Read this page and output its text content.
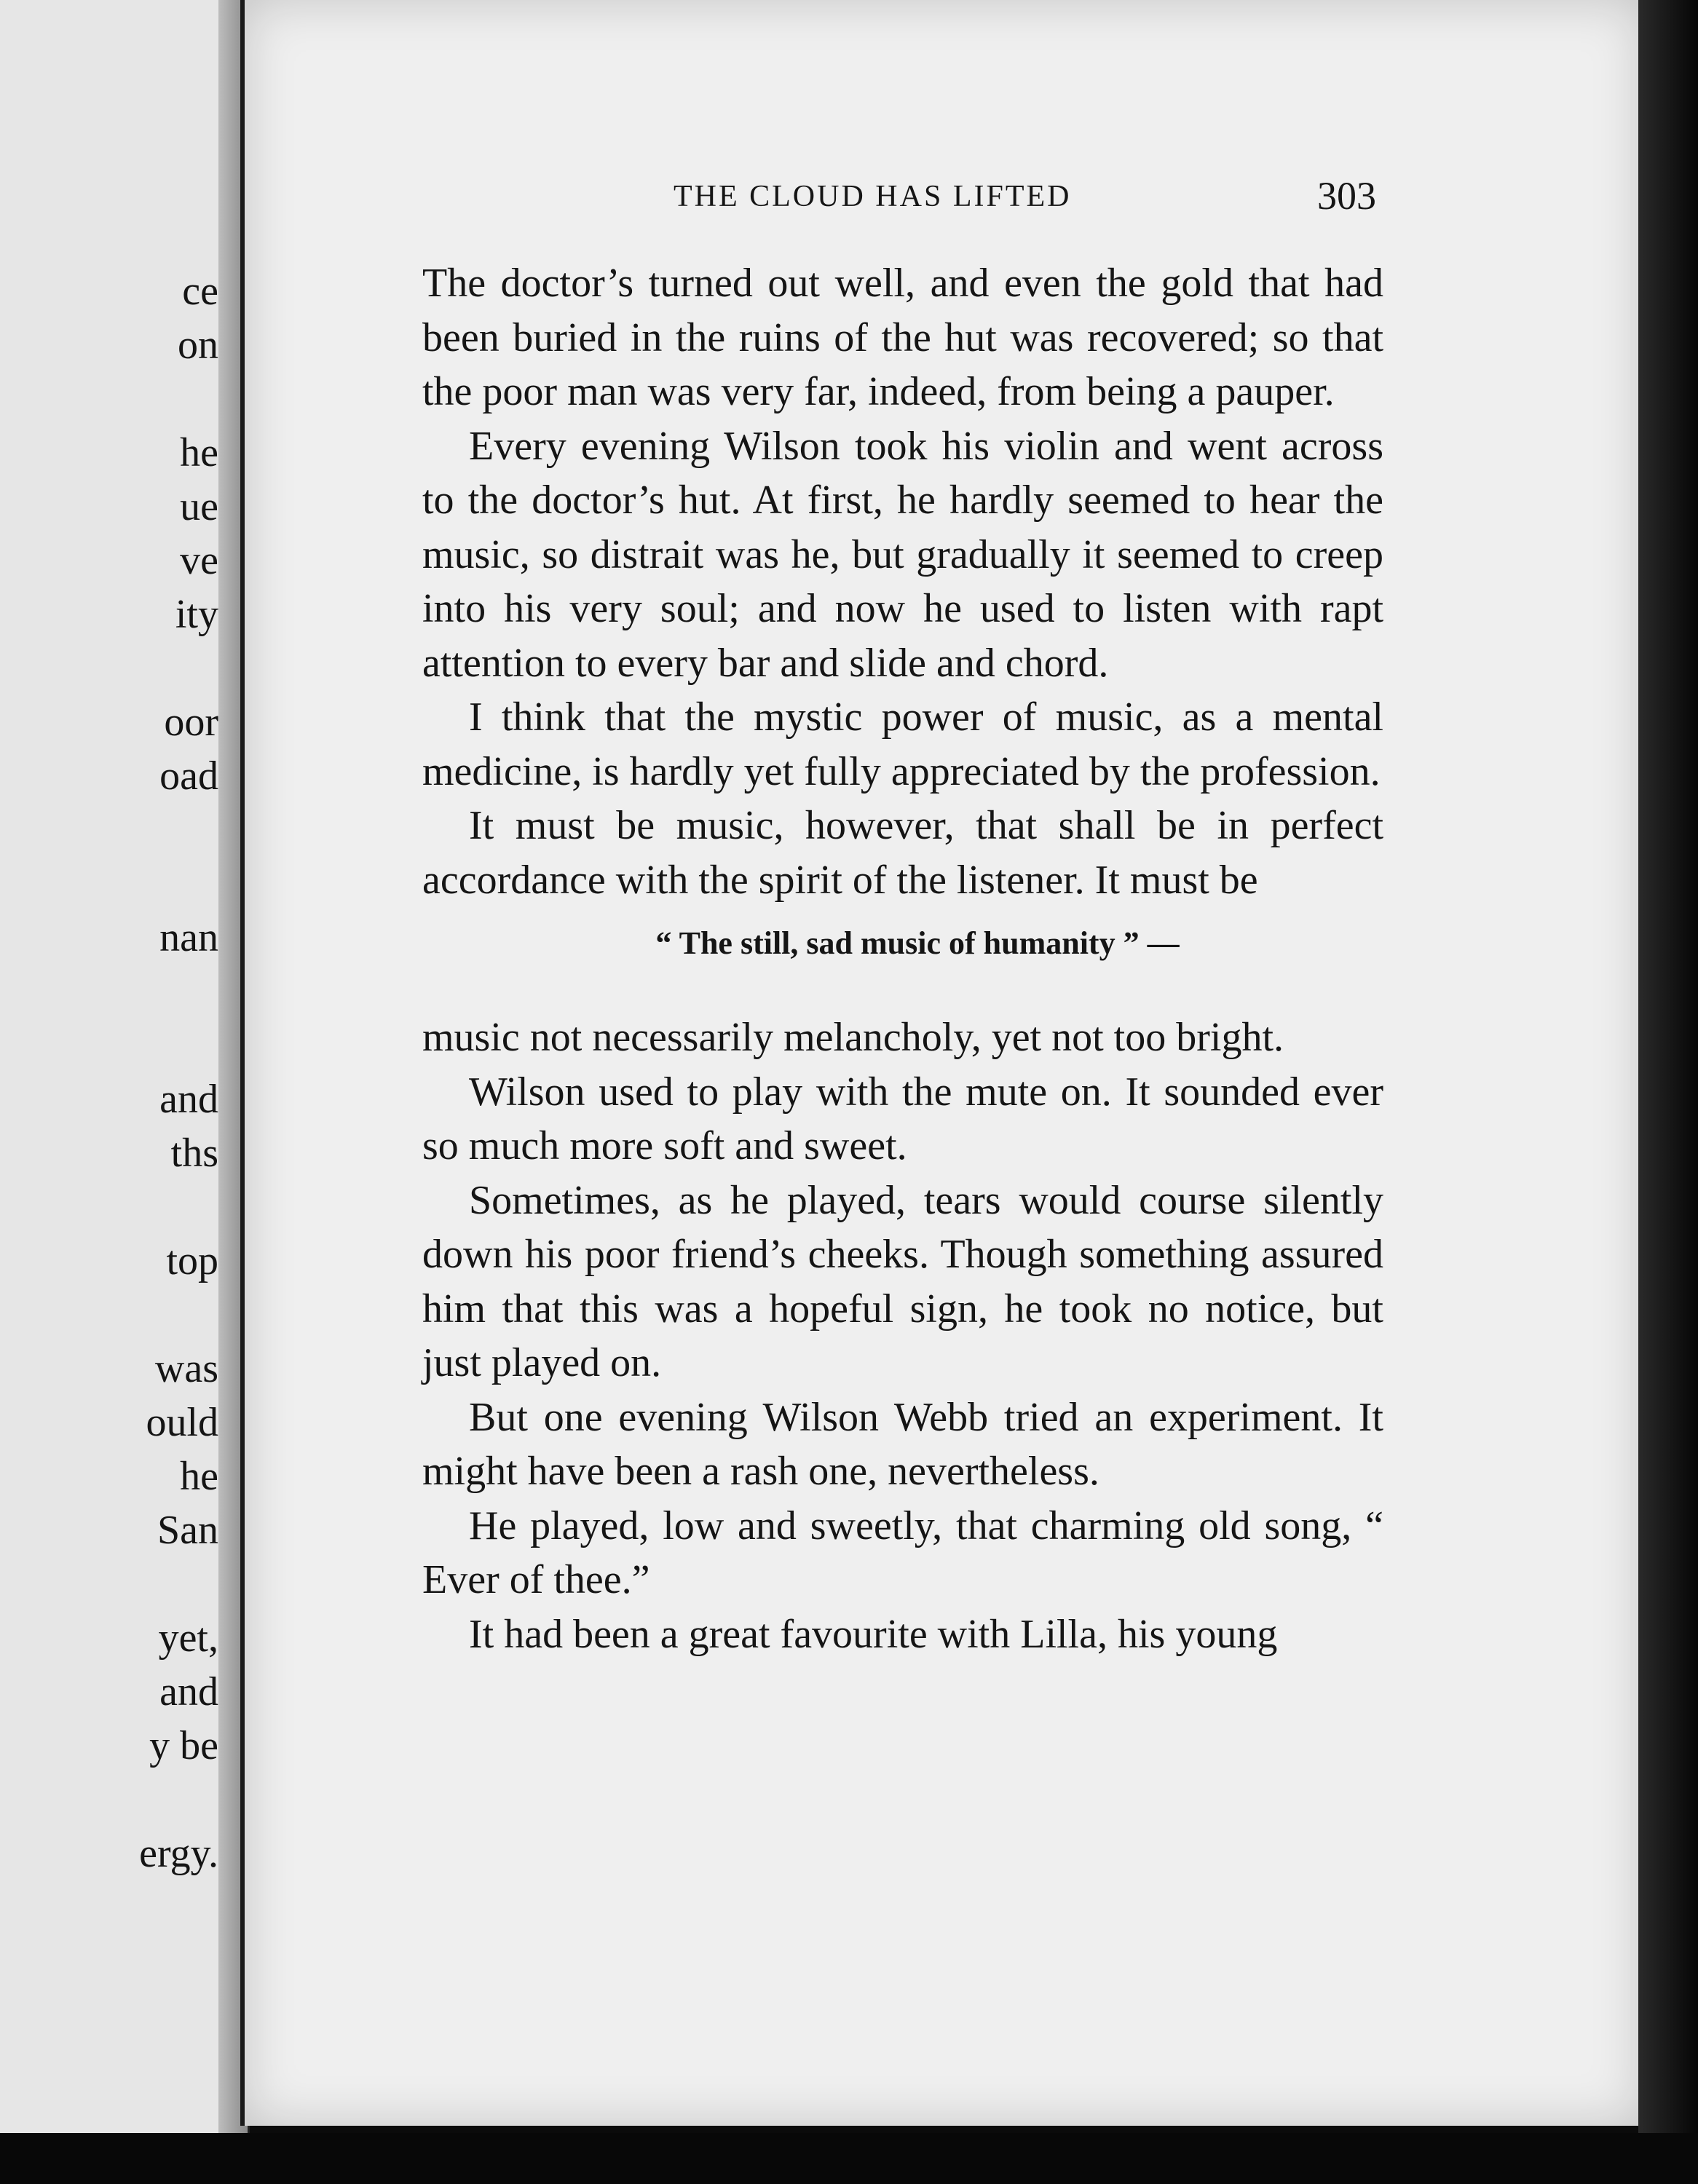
ce
on
he
ue
ve
ity
oor
oad
nan
and
ths
top
was
ould
he
San
yet,
and
y be
ergy.
THE CLOUD HAS LIFTED	303

The doctor’s turned out well, and even the gold that had been buried in the ruins of the hut was recovered; so that the poor man was very far, indeed, from being a pauper.

Every evening Wilson took his violin and went across to the doctor’s hut. At first, he hardly seemed to hear the music, so distrait was he, but gradually it seemed to creep into his very soul; and now he used to listen with rapt attention to every bar and slide and chord.

I think that the mystic power of music, as a mental medicine, is hardly yet fully appreciated by the profession.

It must be music, however, that shall be in perfect accordance with the spirit of the listener. It must be

“ The still, sad music of humanity ” —

music not necessarily melancholy, yet not too bright.

Wilson used to play with the mute on. It sounded ever so much more soft and sweet.

Sometimes, as he played, tears would course silently down his poor friend’s cheeks. Though something assured him that this was a hopeful sign, he took no notice, but just played on.

But one evening Wilson Webb tried an experiment. It might have been a rash one, nevertheless.

He played, low and sweetly, that charming old song, “ Ever of thee.”

It had been a great favourite with Lilla, his young
